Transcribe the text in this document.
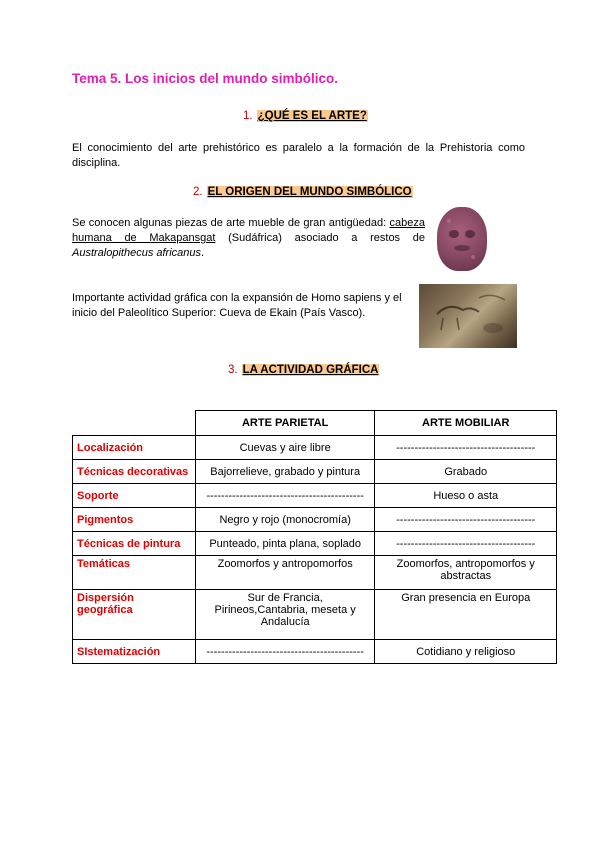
Tema 5. Los inicios del mundo simbólico.
1. ¿QUÉ ES EL ARTE?
El conocimiento del arte prehistórico es paralelo a la formación de la Prehistoria como disciplina.
2. EL ORIGEN DEL MUNDO SIMBÓLICO
Se conocen algunas piezas de arte mueble de gran antigüedad: cabeza humana de Makapansgat (Sudáfrica) asociado a restos de Australopithecus africanus.
Importante actividad gráfica con la expansión de Homo sapiens y el inicio del Paleolítico Superior: Cueva de Ekain (País Vasco).
3. LA ACTIVIDAD GRÁFICA
	ARTE PARIETAL	ARTE MOBILIAR
Localización	Cuevas y aire libre	--------------------------------------
Técnicas decorativas	Bajorrelieve, grabado y pintura	Grabado
Soporte	-------------------------------------------	Hueso o asta
Pigmentos	Negro y rojo (monocromía)	--------------------------------------
Técnicas de pintura	Punteado, pinta plana, soplado	--------------------------------------
Temáticas	Zoomorfos y antropomorfos	Zoomorfos, antropomorfos y abstractas
Dispersión geográfica	Sur de Francia, Pirineos,Cantabria, meseta y Andalucía	Gran presencia en Europa
SIstematización	-------------------------------------------	Cotidiano y religioso
